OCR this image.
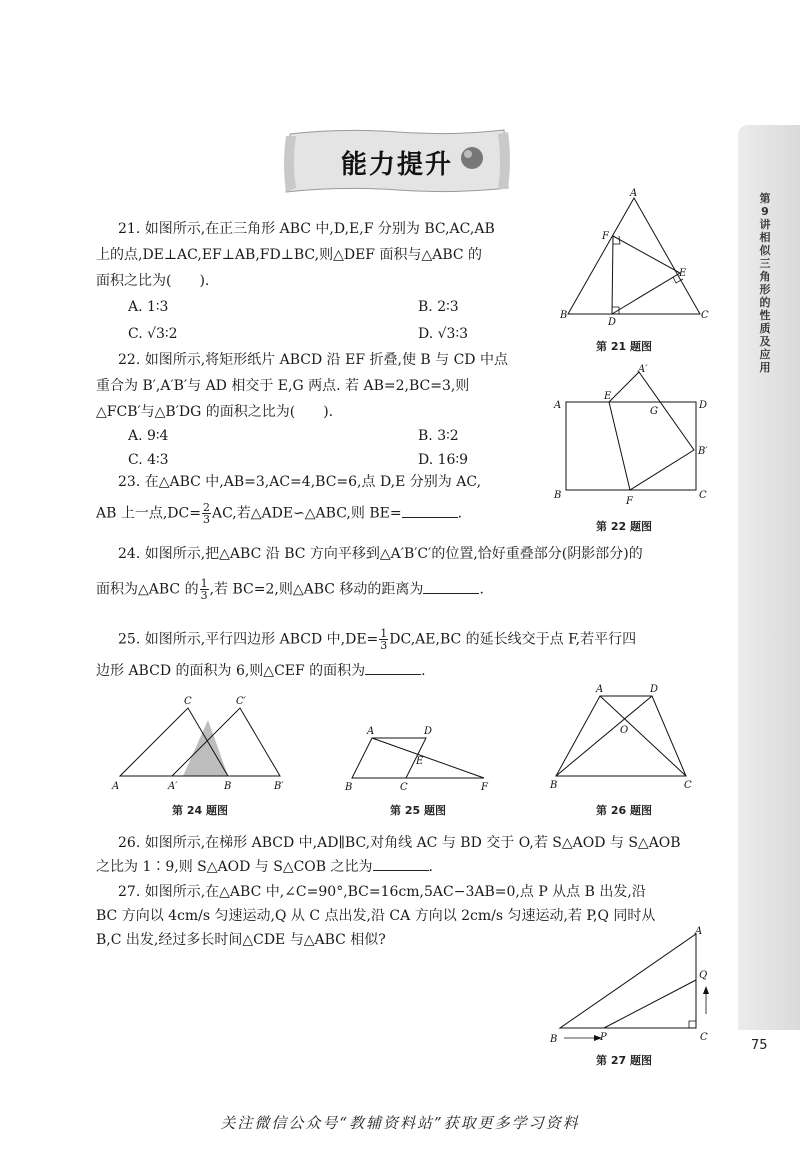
第9讲 相似三角形的性质及应用
能力提升
21. 如图所示,在正三角形 ABC 中,D,E,F 分别为 BC,AC,AB
上的点,DE⊥AC,EF⊥AB,FD⊥BC,则△DEF 面积与△ABC 的
面积之比为( ).
A. 1∶3	B. 2∶3
C. √3∶2	D. √3∶3
A
F
E
B
D
C
第 21 题图
22. 如图所示,将矩形纸片 ABCD 沿 EF 折叠,使 B 与 CD 中点
重合为 B′,A′B′与 AD 相交于 E,G 两点. 若 AB=2,BC=3,则
△FCB′与△B′DG 的面积之比为( ).
A. 9∶4	B. 3∶2
C. 4∶3	D. 16∶9
A
A′
E
G
D
B′
B
F
C
第 22 题图
23. 在△ABC 中,AB=3,AC=4,BC=6,点 D,E 分别为 AC,
AB 上一点$,DC= \frac{2}{3}$ AC,若△ADE∽△ABC,则 BE=	.
24. 如图所示,把△ABC 沿 BC 方向平移到△A′B′C′的位置,恰好重叠部分(阴影部分)的
面积为△ABC 的 $\frac{1}{3}$ ,若 BC=2,则△ABC 移动的距离为	.
25. 如图所示,平行四边形 ABCD 中$,DE= \frac{1}{3} DC,AE,BC$ 的延长线交于点 F,若平行四
边形 ABCD 的面积为 6,则△CEF 的面积为	.
C	C′
A	A′	B	B′
第 24 题图
A	D
E
B	C	F
第 25 题图
A	D
O
B	C
第 26 题图
26. 如图所示,在梯形 ABCD 中,AD∥BC,对角线 AC 与 BD 交于 O,若 S△AOD 与 S△AOB
之比为 1∶9,则 S△AOD 与 S△COB 之比为	.
27. 如图所示,在△ABC 中,∠C=90°,BC=16cm,5AC−3AB=0,点 P 从点 B 出发,沿
BC 方向以 4cm/s 匀速运动,Q 从 C 点出发,沿 CA 方向以 2cm/s 匀速运动,若 P,Q 同时从
B,C 出发,经过多长时间△CDE 与△ABC 相似?
A
Q
B	P	C
第 27 题图
75
关注微信公众号“教辅资料站”获取更多学习资料
